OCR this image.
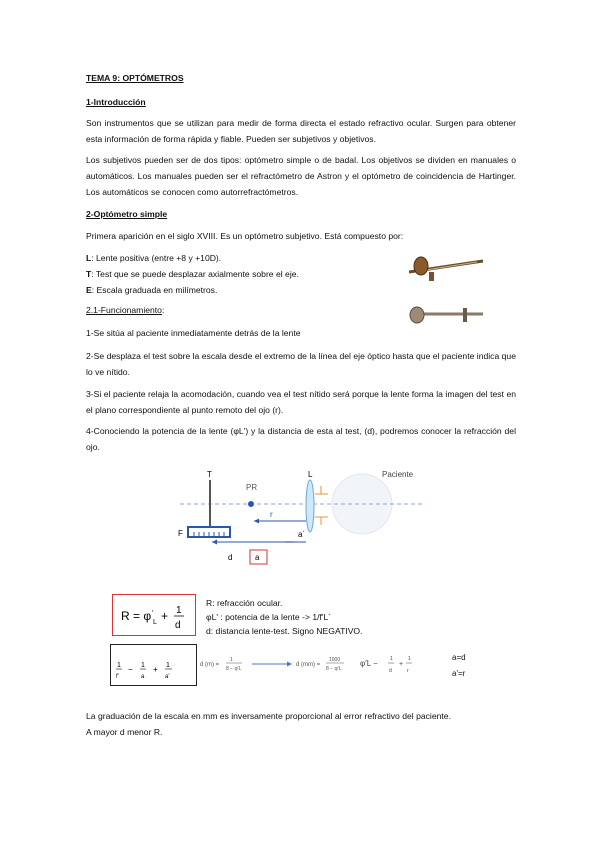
TEMA 9: OPTÓMETROS
1-Introducción
Son instrumentos que se utilizan para medir de forma directa el estado refractivo ocular. Surgen para obtener esta información de forma rápida y fiable. Pueden ser subjetivos y objetivos.
Los subjetivos pueden ser de dos tipos: optómetro simple o de badal. Los objetivos se dividen en manuales o automáticos. Los manuales pueden ser el refractómetro de Astron y el optómetro de coincidencia de Hartinger. Los automáticos se conocen como autorrefractómetros.
2-Optómetro simple
Primera aparición en el siglo XVIII. Es un optómetro subjetivo. Está compuesto por:
L: Lente positiva (entre +8 y +10D).
T: Test que se puede desplazar axialmente sobre el eje.
E: Escala graduada en milímetros.
2.1-Funcionamiento:
1-Se sitúa al paciente inmediatamente detrás de la lente
2-Se desplaza el test sobre la escala desde el extremo de la línea del eje óptico hasta que el paciente indica que lo ve nítido.
3-Si el paciente relaja la acomodación, cuando vea el test nítido será porque la lente forma la imagen del test en el plano correspondiente al punto remoto del ojo (r).
4-Conociendo la potencia de la lente (φL') y la distancia de esta al test, (d), podremos conocer la refracción del ojo.
T
PR
L	Paciente
F
r
a´
d	a
R = φ ′
L + 1
d
R: refracción ocular.
φL' : potencia de la lente -> 1/f'L´
d: distancia lente-test. Signo NEGATIVO.
1
f'
− 1
a
+ 1
a'
d (m) =
1
8 − φ′L
d (mm) =
1000
8 − φ′L
φ′L − 1
d
+
1
r
a=d
a'=r
La graduación de la escala en mm es inversamente proporcional al error refractivo del paciente.
A mayor d menor R.
